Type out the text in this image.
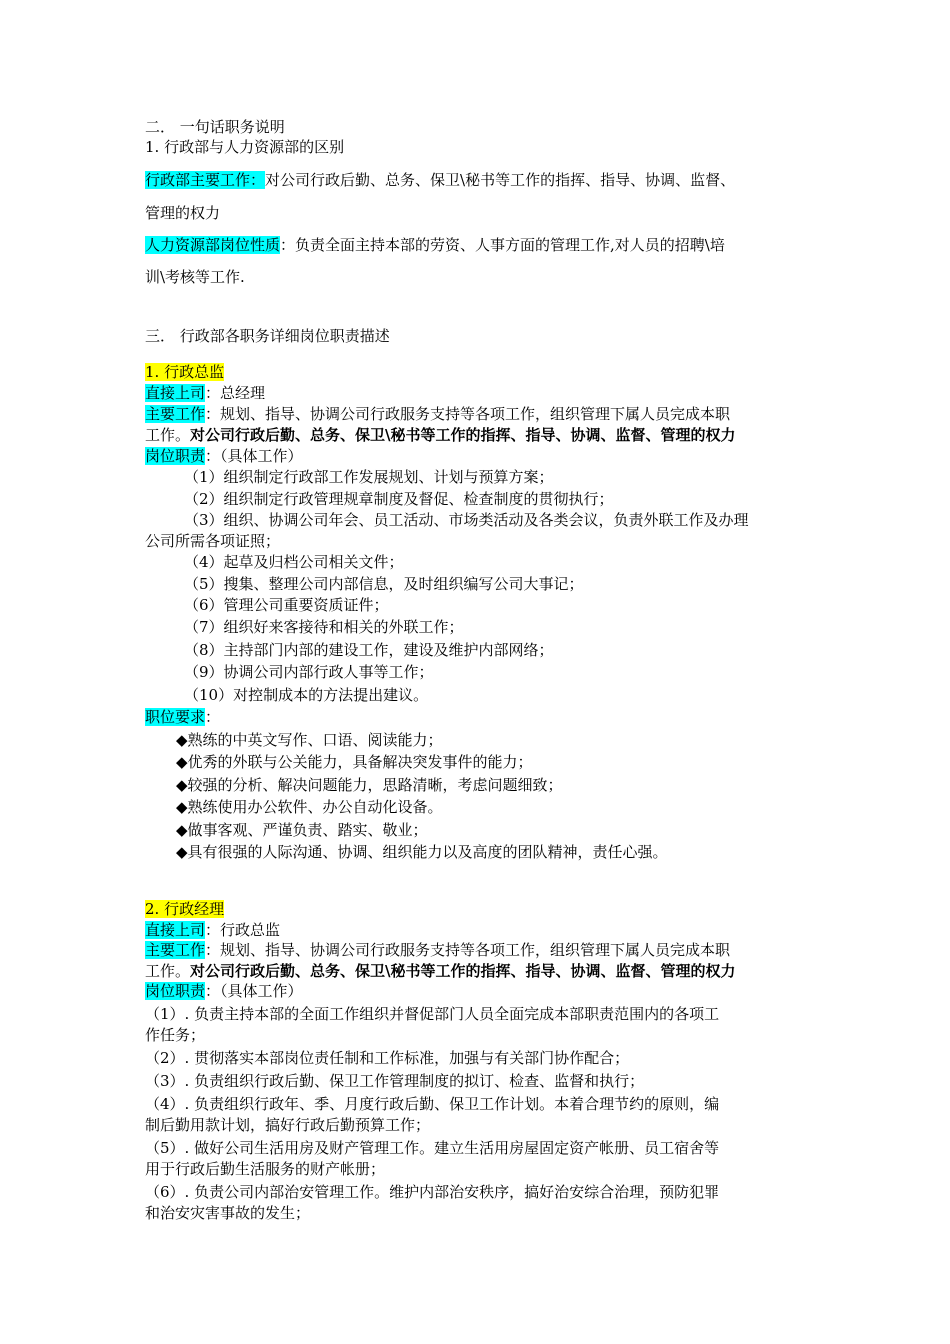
二． 一句话职务说明
1. 行政部与人力资源部的区别
行政部主要工作：对公司行政后勤、总务、保卫\秘书等工作的指挥、指导、协调、监督、
管理的权力
人力资源部岗位性质：负责全面主持本部的劳资、人事方面的管理工作,对人员的招聘\培
训\考核等工作.
三． 行政部各职务详细岗位职责描述
1. 行政总监
直接上司：总经理
主要工作：规划、指导、协调公司行政服务支持等各项工作，组织管理下属人员完成本职
工作。对公司行政后勤、总务、保卫\秘书等工作的指挥、指导、协调、监督、管理的权力
岗位职责：（具体工作）
（1）组织制定行政部工作发展规划、计划与预算方案；
（2）组织制定行政管理规章制度及督促、检查制度的贯彻执行；
（3）组织、协调公司年会、员工活动、市场类活动及各类会议，负责外联工作及办理
公司所需各项证照；
（4）起草及归档公司相关文件；
（5）搜集、整理公司内部信息，及时组织编写公司大事记；
（6）管理公司重要资质证件；
（7）组织好来客接待和相关的外联工作；
（8）主持部门内部的建设工作，建设及维护内部网络；
（9）协调公司内部行政人事等工作；
（10）对控制成本的方法提出建议。
职位要求：
◆熟练的中英文写作、口语、阅读能力；
◆优秀的外联与公关能力，具备解决突发事件的能力；
◆较强的分析、解决问题能力，思路清晰，考虑问题细致；
◆熟练使用办公软件、办公自动化设备。
◆做事客观、严谨负责、踏实、敬业；
◆具有很强的人际沟通、协调、组织能力以及高度的团队精神，责任心强。
2. 行政经理
直接上司：行政总监
主要工作：规划、指导、协调公司行政服务支持等各项工作，组织管理下属人员完成本职
工作。对公司行政后勤、总务、保卫\秘书等工作的指挥、指导、协调、监督、管理的权力
岗位职责：（具体工作）
（1）. 负责主持本部的全面工作组织并督促部门人员全面完成本部职责范围内的各项工
作任务；
（2）. 贯彻落实本部岗位责任制和工作标准，加强与有关部门协作配合；
（3）. 负责组织行政后勤、保卫工作管理制度的拟订、检查、监督和执行；
（4）. 负责组织行政年、季、月度行政后勤、保卫工作计划。本着合理节约的原则，编
制后勤用款计划，搞好行政后勤预算工作；
（5）. 做好公司生活用房及财产管理工作。建立生活用房屋固定资产帐册、员工宿舍等
用于行政后勤生活服务的财产帐册；
（6）. 负责公司内部治安管理工作。维护内部治安秩序，搞好治安综合治理，预防犯罪
和治安灾害事故的发生；
